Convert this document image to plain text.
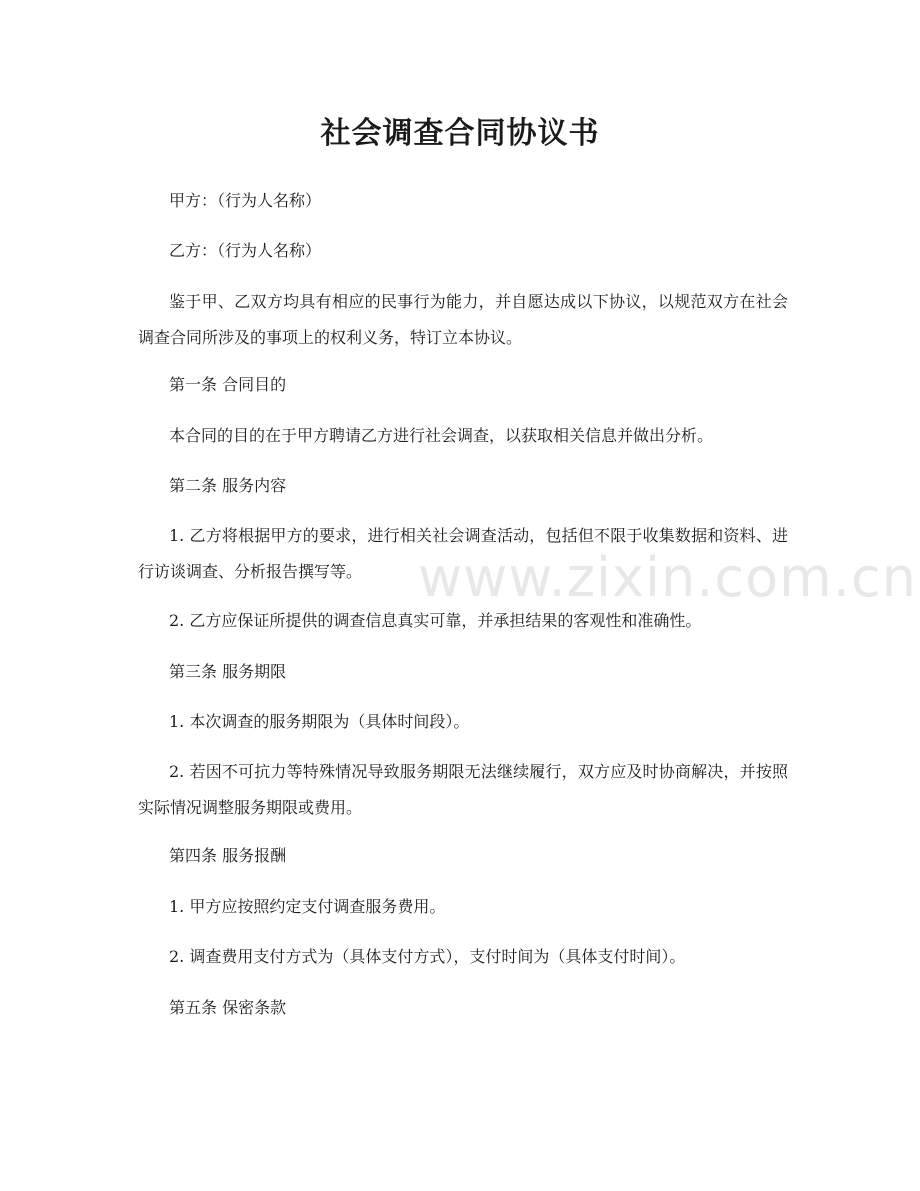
社会调查合同协议书

甲方：（行为人名称）

乙方：（行为人名称）

鉴于甲、乙双方均具有相应的民事行为能力，并自愿达成以下协议，以规范双方在社会调查合同所涉及的事项上的权利义务，特订立本协议。

第一条 合同目的

本合同的目的在于甲方聘请乙方进行社会调查，以获取相关信息并做出分析。

第二条 服务内容

1. 乙方将根据甲方的要求，进行相关社会调查活动，包括但不限于收集数据和资料、进行访谈调查、分析报告撰写等。

2. 乙方应保证所提供的调查信息真实可靠，并承担结果的客观性和准确性。

第三条 服务期限

1. 本次调查的服务期限为（具体时间段）。

2. 若因不可抗力等特殊情况导致服务期限无法继续履行，双方应及时协商解决，并按照实际情况调整服务期限或费用。

第四条 服务报酬

1. 甲方应按照约定支付调查服务费用。

2. 调查费用支付方式为（具体支付方式），支付时间为（具体支付时间）。

第五条 保密条款

www.zixin.com.cn
